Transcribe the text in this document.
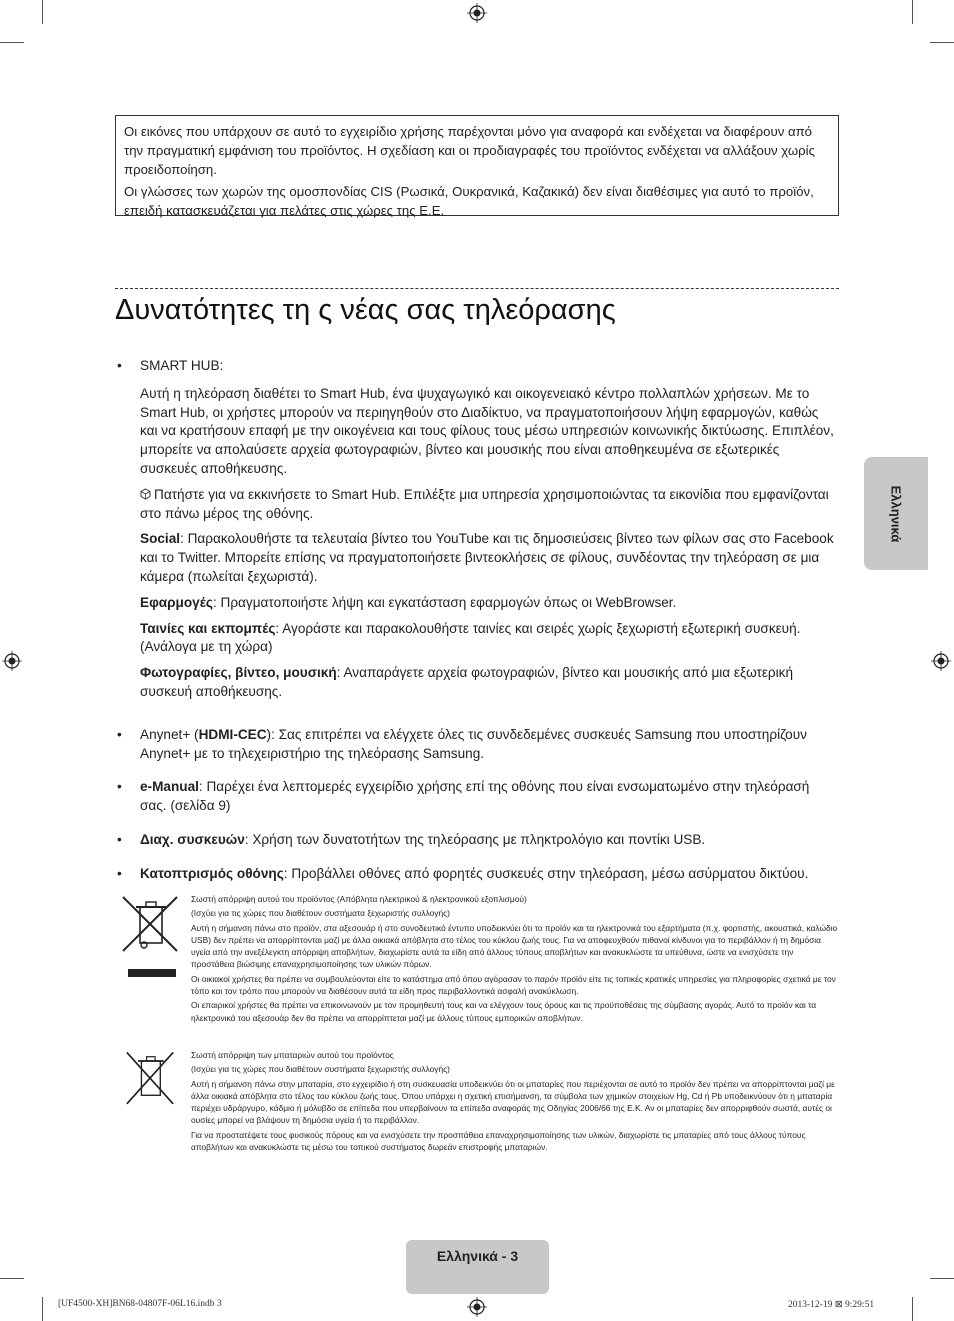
Οι εικόνες που υπάρχουν σε αυτό το εγχειρίδιο χρήσης παρέχονται μόνο για αναφορά και ενδέχεται να διαφέρουν από την πραγματική εμφάνιση του προϊόντος. Η σχεδίαση και οι προδιαγραφές του προϊόντος ενδέχεται να αλλάξουν χωρίς προειδοποίηση.

Οι γλώσσες των χωρών της ομοσπονδίας CIS (Ρωσικά, Ουκρανικά, Καζακικά) δεν είναι διαθέσιμες για αυτό το προϊόν, επειδή κατασκευάζεται για πελάτες στις χώρες της Ε.Ε.

Δυνατότητες τη ς νέας σας τηλεόρασης
• SMART HUB:

Αυτή η τηλεόραση διαθέτει το Smart Hub, ένα ψυχαγωγικό και οικογενειακό κέντρο πολλαπλών χρήσεων. Με το Smart Hub, οι χρήστες μπορούν να περιηγηθούν στο Διαδίκτυο, να πραγματοποιήσουν λήψη εφαρμογών, καθώς και να κρατήσουν επαφή με την οικογένεια και τους φίλους τους μέσω υπηρεσιών κοινωνικής δικτύωσης. Επιπλέον, μπορείτε να απολαύσετε αρχεία φωτογραφιών, βίντεο και μουσικής που είναι αποθηκευμένα σε εξωτερικές συσκευές αποθήκευσης.

Πατήστε για να εκκινήσετε το Smart Hub. Επιλέξτε μια υπηρεσία χρησιμοποιώντας τα εικονίδια που εμφανίζονται στο πάνω μέρος της οθόνης.

Social: Παρακολουθήστε τα τελευταία βίντεο του YouTube και τις δημοσιεύσεις βίντεο των φίλων σας στο Facebook και το Twitter. Μπορείτε επίσης να πραγματοποιήσετε βιντεοκλήσεις σε φίλους, συνδέοντας την τηλεόραση σε μια κάμερα (πωλείται ξεχωριστά).

Εφαρμογές: Πραγματοποιήστε λήψη και εγκατάσταση εφαρμογών όπως οι WebBrowser.

Ταινίες και εκπομπές: Αγοράστε και παρακολουθήστε ταινίες και σειρές χωρίς ξεχωριστή εξωτερική συσκευή. (Ανάλογα με τη χώρα)

Φωτογραφίες, βίντεο, μουσική: Αναπαράγετε αρχεία φωτογραφιών, βίντεο και μουσικής από μια εξωτερική συσκευή αποθήκευσης.

• Anynet+ (HDMI-CEC): Σας επιτρέπει να ελέγχετε όλες τις συνδεδεμένες συσκευές Samsung που υποστηρίζουν Anynet+ με το τηλεχειριστήριο της τηλεόρασης Samsung.

• e-Manual: Παρέχει ένα λεπτομερές εγχειρίδιο χρήσης επί της οθόνης που είναι ενσωματωμένο στην τηλεόρασή σας. (σελίδα 9)

• Διαχ. συσκευών: Χρήση των δυνατοτήτων της τηλεόρασης με πληκτρολόγιο και ποντίκι USB.

• Κατοπτρισμός οθόνης: Προβάλλει οθόνες από φορητές συσκευές στην τηλεόραση, μέσω ασύρματου δικτύου.

Σωστή απόρριψη αυτού του προϊόντος (Απόβλητα ηλεκτρικού & ηλεκτρονικού εξοπλισμού)

(Ισχύει για τις χώρες που διαθέτουν συστήματα ξεχωριστής συλλογής)

Αυτή η σήμανση πάνω στο προϊόν, στα αξεσουάρ ή στο συνοδευτικό έντυπο υποδεικνύει ότι το προϊόν και τα ηλεκτρονικά του εξαρτήματα (π.χ. φορτιστής, ακουστικά, καλώδιο USB) δεν πρέπει να απορρίπτονται μαζί με άλλα οικιακά απόβλητα στο τέλος του κύκλου ζωής τους. Για να αποφευχθούν πιθανοί κίνδυνοι για το περιβάλλον ή τη δημόσια υγεία από την ανεξέλεγκτη απόρριψη αποβλήτων, διαχωρίστε αυτά τα είδη από άλλους τύπους αποβλήτων και ανακυκλώστε τα υπεύθυνα, ώστε να ενισχύσετε την προστάθεια βιώσιμης επαναχρησιμοποίησης των υλικών πόρων.

Οι οικιακοί χρήστες θα πρέπει να συμβουλεύονται είτε το κατάστημα από όπου αγόρασαν το παρόν προϊόν είτε τις τοπικές κρατικές υπηρεσίες για πληροφορίες σχετικά με τον τόπο και τον τρόπο που μπορούν να διαθέσουν αυτά τα είδη προς περιβαλλοντικά ασφαλή ανακύκλωση.

Οι επαιρικοί χρήστες θα πρέπει να επικοινωνούν με τον προμηθευτή τους και να ελέγχουν τους όρους και τις προϋποθέσεις της σύμβασης αγοράς. Αυτό το προϊόν και τα ηλεκτρονικά του αξεσουάρ δεν θα πρέπει να απορρίπτεται μαζί με άλλους τύπους εμπορικών αποβλήτων.

Σωστή απόρριψη των μπαταριών αυτού του προϊόντος

(Ισχύει για τις χώρες που διαθέτουν συστήματα ξεχωριστής συλλογής)

Αυτή η σήμανση πάνω στην μπαταρία, στο εγχειρίδιο ή στη συσκευασία υποδεικνύει ότι οι μπαταρίες που περιέχονται σε αυτό το προϊόν δεν πρέπει να απορρίπτονται μαζί με άλλα οικιακά απόβλητα στο τέλος του κύκλου ζωής τους. Όπου υπάρχει η σχετική επισήμανση, τα σύμβολα των χημικών στοιχείων Hg, Cd ή Pb υποδεικνύουν ότι η μπαταρία περιέχει υδράργυρο, κάδμιο ή μόλυβδο σε επίπεδα που υπερβαίνουν τα επίπεδα αναφοράς της Οδηγίας 2006/66 της Ε.Κ. Αν οι μπαταρίες δεν απορριφθούν σωστά, αυτές οι ουσίες μπορεί να βλάψουν τη δημόσια υγεία ή το περιβάλλον.

Για να προστατέψετε τους φυσικούς πόρους και να ενισχύσετε την προσπάθεια επαναχρησιμοποίησης των υλικών, διαχωρίστε τις μπαταρίες από τους άλλους τύπους αποβλήτων και ανακυκλώστε τις μέσω του τοπικού συστήματος δωρεάν επιστροφής μπαταριών.

Ελληνικά
Ελληνικά - 3
[UF4500-XH]BN68-04807F-06L16.indb 3	2013-12-19 ⊠ 9:29:51
